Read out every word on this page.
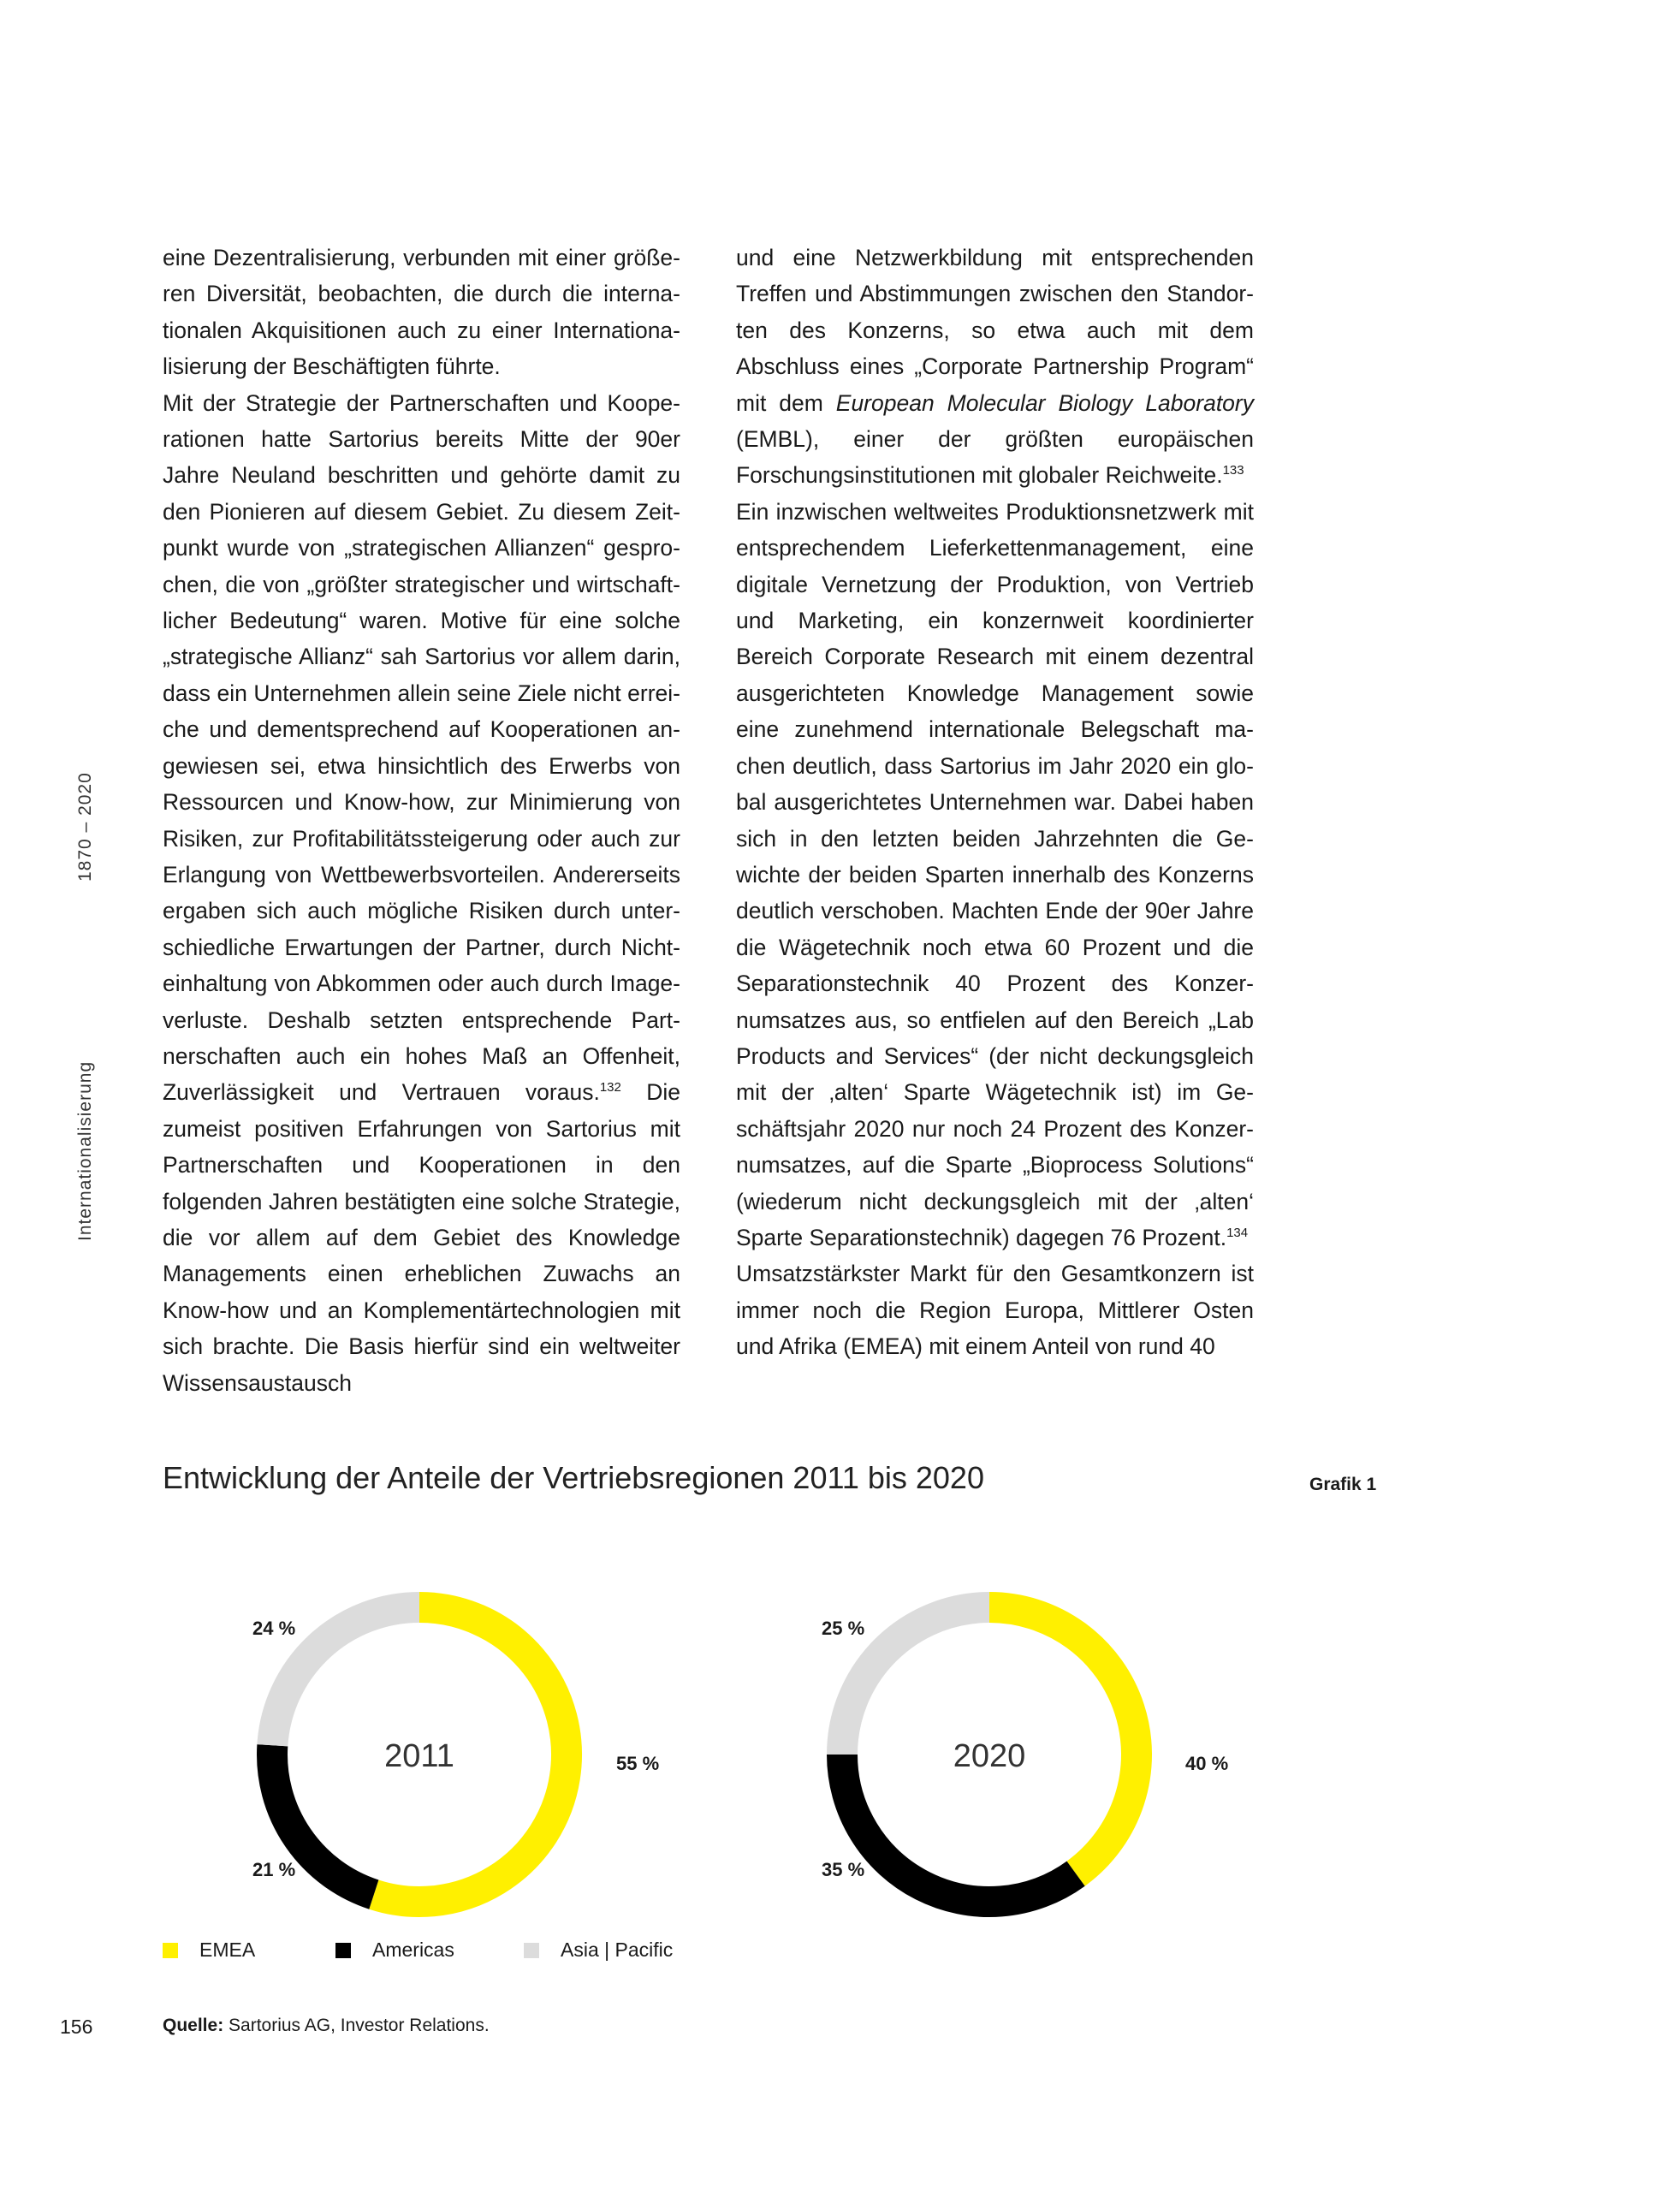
1870 – 2020
Internationalisierung

eine Dezentralisierung, verbunden mit einer größeren Diversität, beobachten, die durch die internationalen Akquisitionen auch zu einer Internationalisierung der Beschäftigten führte.

Mit der Strategie der Partnerschaften und Kooperationen hatte Sartorius bereits Mitte der 90er Jahre Neuland beschritten und gehörte damit zu den Pionieren auf diesem Gebiet. Zu diesem Zeitpunkt wurde von „strategischen Allianzen“ gesprochen, die von „größter strategischer und wirtschaftlicher Bedeutung“ waren. Motive für eine solche „strategische Allianz“ sah Sartorius vor allem darin, dass ein Unternehmen allein seine Ziele nicht erreiche und dementsprechend auf Kooperationen angewiesen sei, etwa hinsichtlich des Erwerbs von Ressourcen und Know-how, zur Minimierung von Risiken, zur Profitabilitätssteigerung oder auch zur Erlangung von Wettbewerbsvorteilen. Andererseits ergaben sich auch mögliche Risiken durch unterschiedliche Erwartungen der Partner, durch Nichteinhaltung von Abkommen oder auch durch Imageverluste. Deshalb setzten entsprechende Partnerschaften auch ein hohes Maß an Offenheit, Zuverlässigkeit und Vertrauen voraus.$^{132}$ Die zumeist positiven Erfahrungen von Sartorius mit Partnerschaften und Kooperationen in den folgenden Jahren bestätigten eine solche Strategie, die vor allem auf dem Gebiet des Knowledge Managements einen erheblichen Zuwachs an Know-how und an Komplementärtechnologien mit sich brachte. Die Basis hierfür sind ein weltweiter Wissensaustausch

und eine Netzwerkbildung mit entsprechenden Treffen und Abstimmungen zwischen den Standorten des Konzerns, so etwa auch mit dem Abschluss eines „Corporate Partnership Program“ mit dem European Molecular Biology Laboratory (EMBL), einer der größten europäischen Forschungsinstitutionen mit globaler Reichweite.$^{133}$

Ein inzwischen weltweites Produktionsnetzwerk mit entsprechendem Lieferkettenmanagement, eine digitale Vernetzung der Produktion, von Vertrieb und Marketing, ein konzernweit koordinierter Bereich Corporate Research mit einem dezentral ausgerichteten Knowledge Management sowie eine zunehmend internationale Belegschaft machen deutlich, dass Sartorius im Jahr 2020 ein global ausgerichtetes Unternehmen war. Dabei haben sich in den letzten beiden Jahrzehnten die Gewichte der beiden Sparten innerhalb des Konzerns deutlich verschoben. Machten Ende der 90er Jahre die Wägetechnik noch etwa 60 Prozent und die Separationstechnik 40 Prozent des Konzernumsatzes aus, so entfielen auf den Bereich „Lab Products and Services“ (der nicht deckungsgleich mit der ‚alten‘ Sparte Wägetechnik ist) im Geschäftsjahr 2020 nur noch 24 Prozent des Konzernumsatzes, auf die Sparte „Bioprocess Solutions“ (wiederum nicht deckungsgleich mit der ‚alten‘ Sparte Separationstechnik) dagegen 76 Prozent.$^{134}$

Umsatzstärkster Markt für den Gesamtkonzern ist immer noch die Region Europa, Mittlerer Osten und Afrika (EMEA) mit einem Anteil von rund 40

Entwicklung der Anteile der Vertriebsregionen 2011 bis 2020	Grafik 1
55 %
21 %
24 %
2011	40 %
35 %
25 %
2020
EMEA	Americas	Asia | Pacific
156	Quelle: Sartorius AG, Investor Relations.
